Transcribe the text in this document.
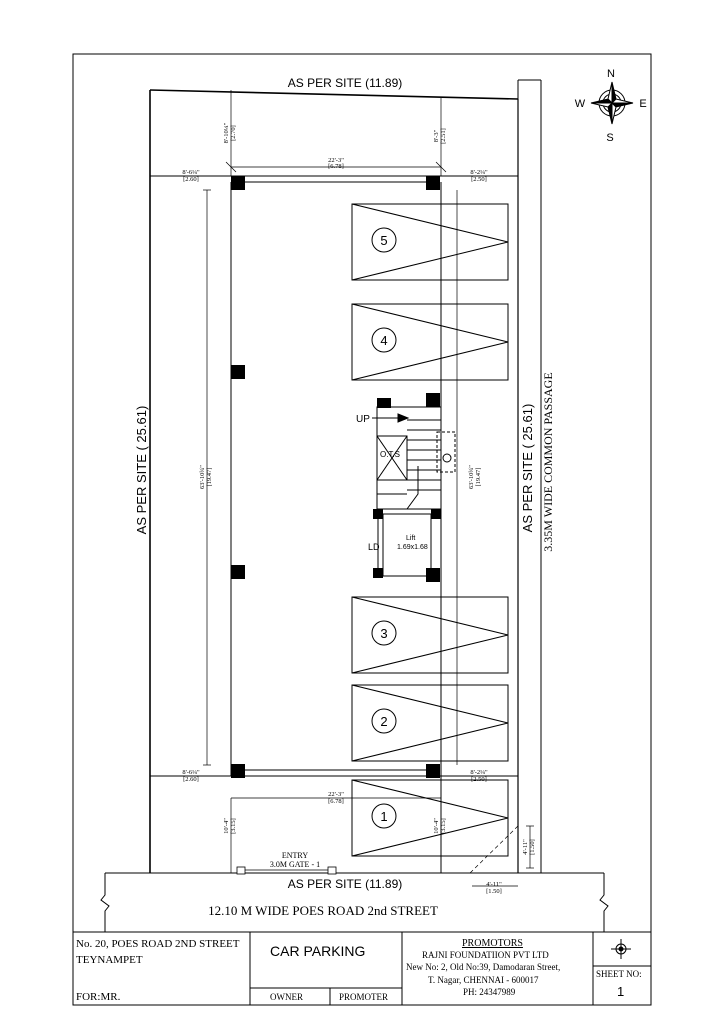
5
4
3
2
1
AS PER SITE (11.89)
AS PER SITE (11.89)
AS PER SITE ( 25.61)	AS PER SITE ( 25.61) 3.35M WIDE COMMON PASSAGE
12.10 M WIDE POES ROAD 2nd STREET
ENTRY
3.0M GATE - 1
UP
O.T.S
Lift
1.69x1.68
LD
N
S
E
W
8'-10¼" [2.70]	8'-3" [2.51]
22'-3"
[6.78]
8'-6¼"
[2.60]
8'-2¼"
[2.50]
63'-10¾" [19.47]	63'-10¾" [19.47]
8'-6¼"
[2.60]
8'-2¼"
[2.50]
22'-3"
[6.78]
10'-4" [3.15]	10'-4" [3.15]
4'-11" [1.50]
4'-11"
[1.50]
No. 20, POES ROAD 2ND STREET
TEYNAMPET
FOR:MR.
CAR PARKING
OWNER	PROMOTER
PROMOTORS
RAJNI FOUNDATIION PVT LTD
New No: 2, Old No:39, Damodaran Street,
T. Nagar, CHENNAI - 600017
PH: 24347989
SHEET NO:
1
